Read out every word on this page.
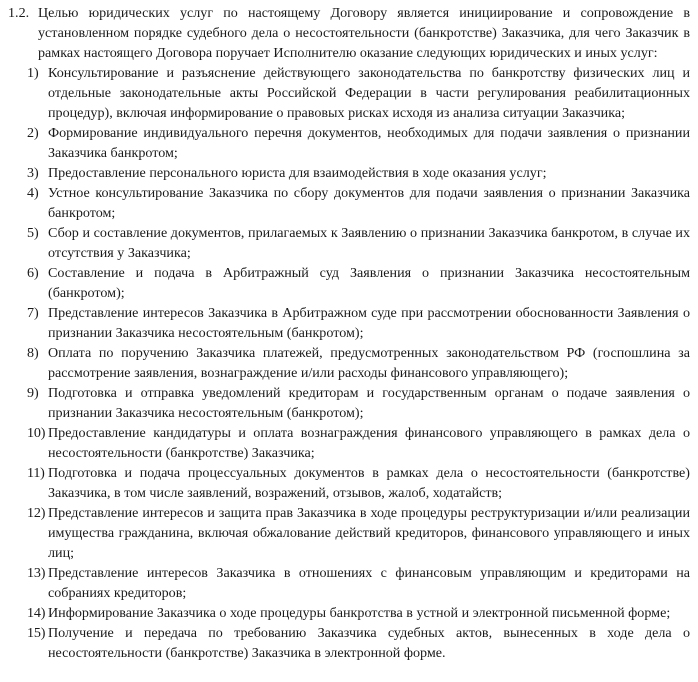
1.2. Целью юридических услуг по настоящему Договору является инициирование и сопровождение в установленном порядке судебного дела о несостоятельности (банкротстве) Заказчика, для чего Заказчик в рамках настоящего Договора поручает Исполнителю оказание следующих юридических и иных услуг:
1) Консультирование и разъяснение действующего законодательства по банкротству физических лиц и отдельные законодательные акты Российской Федерации в части регулирования реабилитационных процедур), включая информирование о правовых рисках исходя из анализа ситуации Заказчика;
2) Формирование индивидуального перечня документов, необходимых для подачи заявления о признании Заказчика банкротом;
3) Предоставление персонального юриста для взаимодействия в ходе оказания услуг;
4) Устное консультирование Заказчика по сбору документов для подачи заявления о признании Заказчика банкротом;
5) Сбор и составление документов, прилагаемых к Заявлению о признании Заказчика банкротом, в случае их отсутствия у Заказчика;
6) Составление и подача в Арбитражный суд Заявления о признании Заказчика несостоятельным (банкротом);
7) Представление интересов Заказчика в Арбитражном суде при рассмотрении обоснованности Заявления о признании Заказчика несостоятельным (банкротом);
8) Оплата по поручению Заказчика платежей, предусмотренных законодательством РФ (госпошлина за рассмотрение заявления, вознаграждение и/или расходы финансового управляющего);
9) Подготовка и отправка уведомлений кредиторам и государственным органам о подаче заявления о признании Заказчика несостоятельным (банкротом);
10) Предоставление кандидатуры и оплата вознаграждения финансового управляющего в рамках дела о несостоятельности (банкротстве) Заказчика;
11) Подготовка и подача процессуальных документов в рамках дела о несостоятельности (банкротстве) Заказчика, в том числе заявлений, возражений, отзывов, жалоб, ходатайств;
12) Представление интересов и защита прав Заказчика в ходе процедуры реструктуризации и/или реализации имущества гражданина, включая обжалование действий кредиторов, финансового управляющего и иных лиц;
13) Представление интересов Заказчика в отношениях с финансовым управляющим и кредиторами на собраниях кредиторов;
14) Информирование Заказчика о ходе процедуры банкротства в устной и электронной письменной форме;
15) Получение и передача по требованию Заказчика судебных актов, вынесенных в ходе дела о несостоятельности (банкротстве) Заказчика в электронной форме.
